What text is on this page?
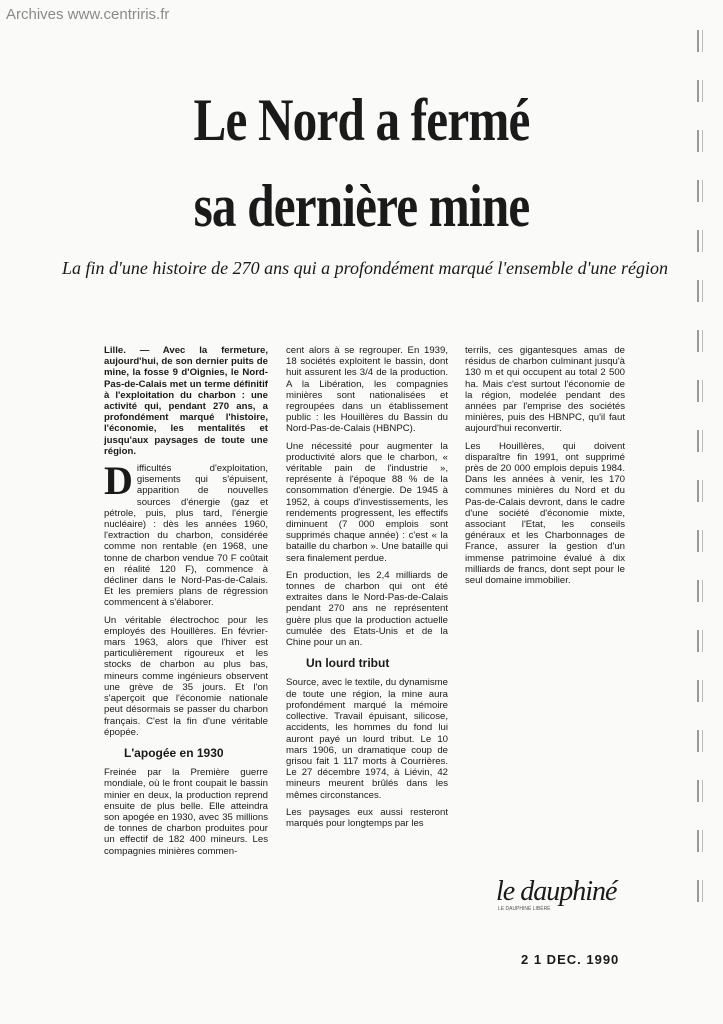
Archives www.centriris.fr
Le Nord a fermé
sa dernière mine
La fin d'une histoire de 270 ans qui a profondément marqué l'ensemble d'une région

Lille. — Avec la fermeture, aujourd'hui, de son dernier puits de mine, la fosse 9 d'Oignies, le Nord-Pas-de-Calais met un terme définitif à l'exploitation du charbon : une activité qui, pendant 270 ans, a profondément marqué l'histoire, l'économie, les mentalités et jusqu'aux paysages de toute une région.

Difficultés d'exploitation, gisements qui s'épuisent, apparition de nouvelles sources d'énergie (gaz et pétrole, puis, plus tard, l'énergie nucléaire) : dès les années 1960, l'extraction du charbon, considérée comme non rentable (en 1968, une tonne de charbon vendue 70 F coûtait en réalité 120 F), commence à décliner dans le Nord-Pas-de-Calais. Et les premiers plans de régression commencent à s'élaborer.

Un véritable électrochoc pour les employés des Houillères. En février-mars 1963, alors que l'hiver est particulièrement rigoureux et les stocks de charbon au plus bas, mineurs comme ingénieurs observent une grève de 35 jours. Et l'on s'aperçoit que l'économie nationale peut désormais se passer du charbon français. C'est la fin d'une véritable épopée.

L'apogée en 1930

Freinée par la Première guerre mondiale, où le front coupait le bassin minier en deux, la production reprend ensuite de plus belle. Elle atteindra son apogée en 1930, avec 35 millions de tonnes de charbon produites pour un effectif de 182 400 mineurs. Les compagnies minières commen-

cent alors à se regrouper. En 1939, 18 sociétés exploitent le bassin, dont huit assurent les 3/4 de la production. A la Libération, les compagnies minières sont nationalisées et regroupées dans un établissement public : les Houillères du Bassin du Nord-Pas-de-Calais (HBNPC).

Une nécessité pour augmenter la productivité alors que le charbon, « véritable pain de l'industrie », représente à l'époque 88 % de la consommation d'énergie. De 1945 à 1952, à coups d'investissements, les rendements progressent, les effectifs diminuent (7 000 emplois sont supprimés chaque année) : c'est « la bataille du charbon ». Une bataille qui sera finalement perdue.

En production, les 2,4 milliards de tonnes de charbon qui ont été extraites dans le Nord-Pas-de-Calais pendant 270 ans ne représentent guère plus que la production actuelle cumulée des Etats-Unis et de la Chine pour un an.

Un lourd tribut

Source, avec le textile, du dynamisme de toute une région, la mine aura profondément marqué la mémoire collective. Travail épuisant, silicose, accidents, les hommes du fond lui auront payé un lourd tribut. Le 10 mars 1906, un dramatique coup de grisou fait 1 117 morts à Courrières. Le 27 décembre 1974, à Liévin, 42 mineurs meurent brûlés dans les mêmes circonstances.

Les paysages eux aussi resteront marqués pour longtemps par les

terrils, ces gigantesques amas de résidus de charbon culminant jusqu'à 130 m et qui occupent au total 2 500 ha. Mais c'est surtout l'économie de la région, modelée pendant des années par l'emprise des sociétés minières, puis des HBNPC, qu'il faut aujourd'hui reconvertir.

Les Houillères, qui doivent disparaître fin 1991, ont supprimé près de 20 000 emplois depuis 1984. Dans les années à venir, les 170 communes minières du Nord et du Pas-de-Calais devront, dans le cadre d'une société d'économie mixte, associant l'Etat, les conseils généraux et les Charbonnages de France, assurer la gestion d'un immense patrimoine évalué à dix milliards de francs, dont sept pour le seul domaine immobilier.

le dauphiné
LE DAUPHINÉ LIBÉRÉ
2 1 DEC. 1990
